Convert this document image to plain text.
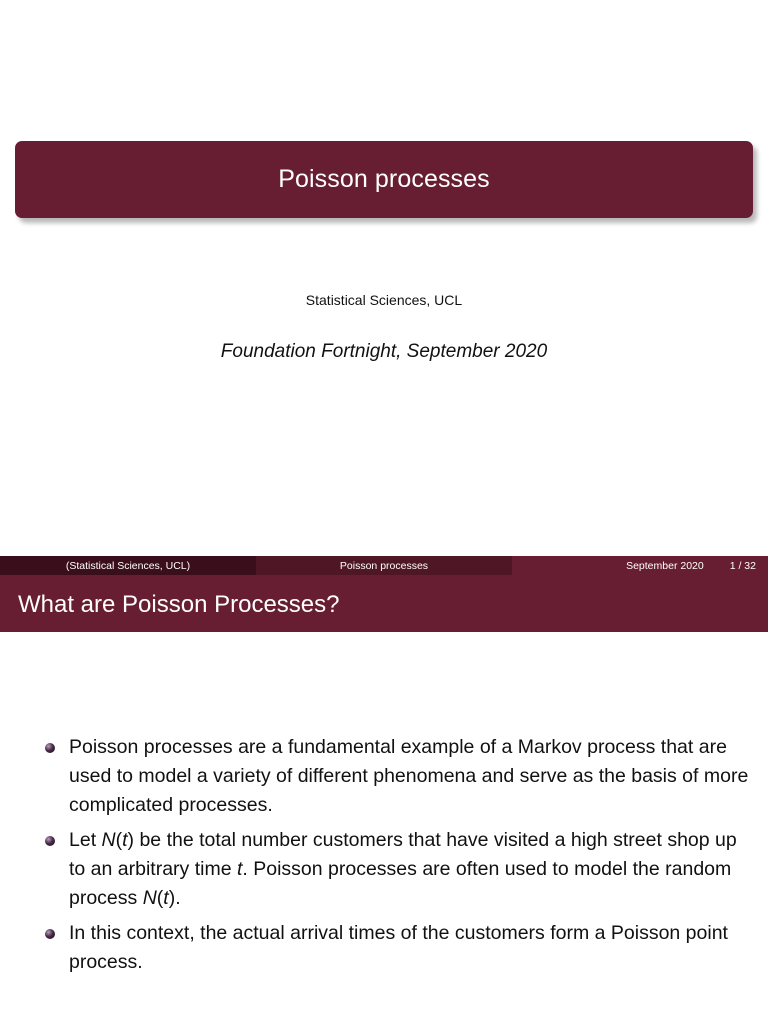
Poisson processes
Statistical Sciences, UCL
Foundation Fortnight, September 2020
(Statistical Sciences, UCL)	Poisson processes	September 2020 1 / 32
What are Poisson Processes?
Poisson processes are a fundamental example of a Markov process that are used to model a variety of different phenomena and serve as the basis of more complicated processes.
Let N(t) be the total number customers that have visited a high street shop up to an arbitrary time t. Poisson processes are often used to model the random process N(t).
In this context, the actual arrival times of the customers form a Poisson point process.
